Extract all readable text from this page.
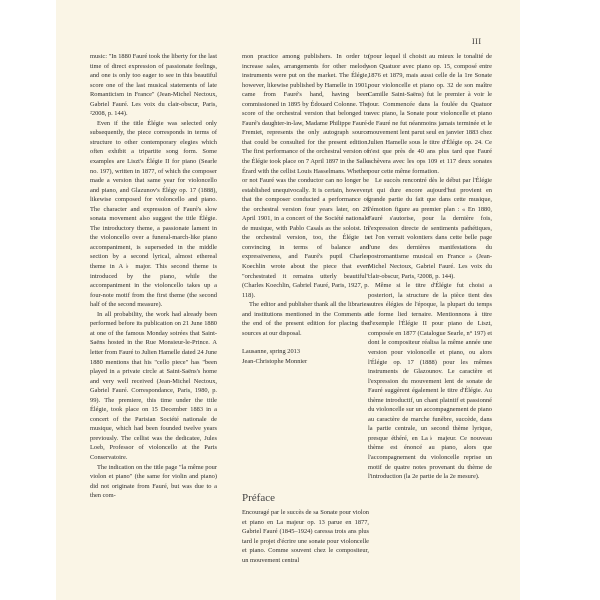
III

music: "In 1880 Fauré took the liberty for the last time of direct expression of passionate feelings, and one is only too eager to see in this beautiful score one of the last musical statements of late Romanticism in France" (Jean-Michel Nectoux, Gabriel Fauré. Les voix du clair-obscur, Paris, ²2008, p. 144).

Even if the title Élégie was selected only subsequently, the piece corresponds in terms of structure to other contemporary elegies which often exhibit a tripartite song form. Some examples are Liszt's Élégie II for piano (Searle no. 197), written in 1877, of which the composer made a version that same year for violoncello and piano, and Glazunov's Élégy op. 17 (1888), likewise composed for violoncello and piano. The character and expression of Fauré's slow sonata movement also suggest the title Élégie. The introductory theme, a passionate lament in the violoncello over a funeral-march-like piano accompaniment, is superseded in the middle section by a second lyrical, almost ethereal theme in A♭ major. This second theme is introduced by the piano, while the accompaniment in the violoncello takes up a four-note motif from the first theme (the second half of the second measure).

In all probability, the work had already been performed before its publication on 21 June 1880 at one of the famous Monday soirées that Saint-Saëns hosted in the Rue Monsieur-le-Prince. A letter from Fauré to Julien Hamelle dated 24 June 1880 mentions that his "cello piece" has "been played in a private circle at Saint-Saëns's home and very well received (Jean-Michel Nectoux, Gabriel Fauré. Correspondance, Paris, 1980, p. 99). The premiere, this time under the title Élégie, took place on 15 December 1883 in a concert of the Parisian Société nationale de musique, which had been founded twelve years previously. The cellist was the dedicatee, Jules Loeb, Professor of violoncello at the Paris Conservatoire.

The indication on the title page "la même pour violon et piano" (the same for violin and piano) did not originate from Fauré, but was due to a then com-

mon practice among publishers. In order to increase sales, arrangements for other melody instruments were put on the market. The Élégie, however, likewise published by Hamelle in 1901, came from Fauré's hand, having been commissioned in 1895 by Édouard Colonne. The score of the orchestral version that belonged to Fauré's daughter-in-law, Madame Philippe Fauré-Fremiet, represents the only autograph source that could be consulted for the present edition. The first performance of the orchestral version of the Élégie took place on 7 April 1897 in the Salle Érard with the cellist Louis Hasselmans. Whether or not Fauré was the conductor can no longer be established unequivocally. It is certain, however, that the composer conducted a performance of the orchestral version four years later, on 26 April 1901, in a concert of the Société nationale de musique, with Pablo Casals as the soloist. In the orchestral version, too, the Élégie is convincing in terms of balance and expressiveness, and Fauré's pupil Charles Koechlin wrote about the piece that even "orchestrated it remains utterly beautiful" (Charles Koechlin, Gabriel Fauré, Paris, 1927, p. 118).

The editor and publisher thank all the libraries and institutions mentioned in the Comments at the end of the present edition for placing the sources at our disposal.

Lausanne, spring 2013

Jean-Christophe Monnier

Préface

Encouragé par le succès de sa Sonate pour violon et piano en La majeur op. 13 parue en 1877, Gabriel Fauré (1845–1924) caressa trois ans plus tard le projet d'écrire une sonate pour violoncelle et piano. Comme souvent chez le compositeur, un mouvement central

(pour lequel il choisit au mieux le tonalité de son Quatuor avec piano op. 15, composé entre 1876 et 1879, mais aussi celle de la 1re Sonate pour violoncelle et piano op. 32 de son maître Camille Saint-Saëns) fut le premier à voir le jour. Commencée dans la foulée du Quatuor avec piano, la Sonate pour violoncelle et piano de Fauré ne fut néanmoins jamais terminée et le mouvement lent parut seul en janvier 1883 chez Julien Hamelle sous le titre d'Élégie op. 24. Ce n'est que près de 40 ans plus tard que Fauré achèvera avec les ops 109 et 117 deux sonates pour cette même formation.

Le succès rencontré dès le début par l'Élégie et qui dure encore aujourd'hui provient en grande partie du fait que dans cette musique, l'émotion figure au premier plan : « En 1880, Fauré s'autorise, pour la dernière fois, l'expression directe de sentiments pathétiques, et l'on verrait volontiers dans cette belle page l'une des dernières manifestations du postromantisme musical en France » (Jean-Michel Nectoux, Gabriel Fauré. Les voix du clair-obscur, Paris, ²2008, p. 144).

Même si le titre d'Élégie fut choisi a posteriori, la structure de la pièce tient des autres élégies de l'époque, la plupart du temps de forme lied ternaire. Mentionnons à titre d'exemple l'Élégie II pour piano de Liszt, composée en 1877 (Catalogue Searle, n° 197) et dont le compositeur réalisa la même année une version pour violoncelle et piano, ou alors l'Élégie op. 17 (1888) pour les mêmes instruments de Glazounov. Le caractère et l'expression du mouvement lent de sonate de Fauré suggèrent également le titre d'Élégie. Au thème introductif, un chant plaintif et passionné du violoncelle sur un accompagnement de piano au caractère de marche funèbre, succède, dans la partie centrale, un second thème lyrique, presque éthéré, en La♭ majeur. Ce nouveau thème est énoncé au piano, alors que l'accompagnement du violoncelle reprise un motif de quatre notes provenant du thème de l'introduction (la 2e partie de la 2e mesure).
